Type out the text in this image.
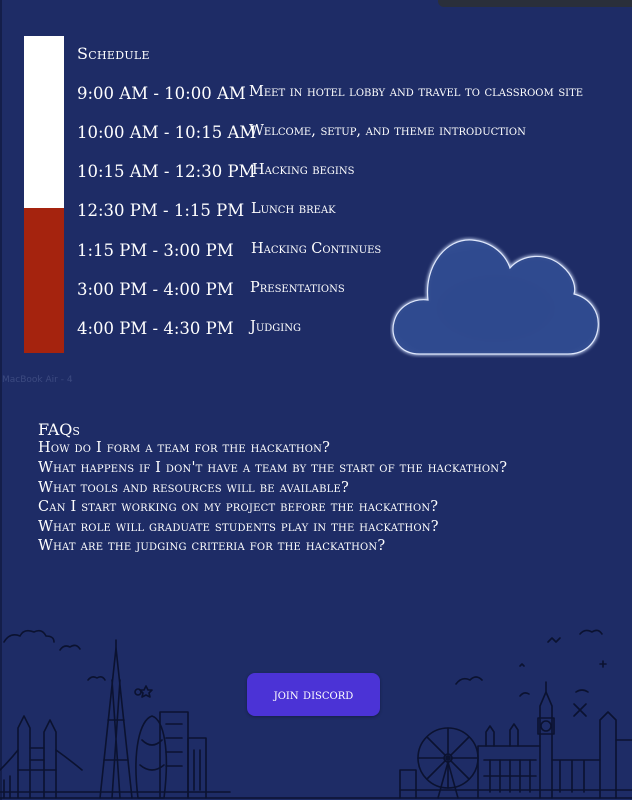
Schedule
9:00 AM - 10:00 AM Meet in hotel lobby and travel to classroom site
10:00 AM - 10:15 AM
Welcome, setup, and theme introduction
10:15 AM - 12:30 PM
Hacking begins
12:30 PM - 1:15 PM Lunch break
1:15 PM - 3:00 PM Hacking Continues
3:00 PM - 4:00 PM Presentations
4:00 PM - 4:30 PM Judging
MacBook Air - 4
FAQs
How do I form a team for the hackathon?
What happens if I don't have a team by the start of the hackathon?
What tools and resources will be available?
Can I start working on my project before the hackathon?
What role will graduate students play in the hackathon?
What are the judging criteria for the hackathon?
join discord
